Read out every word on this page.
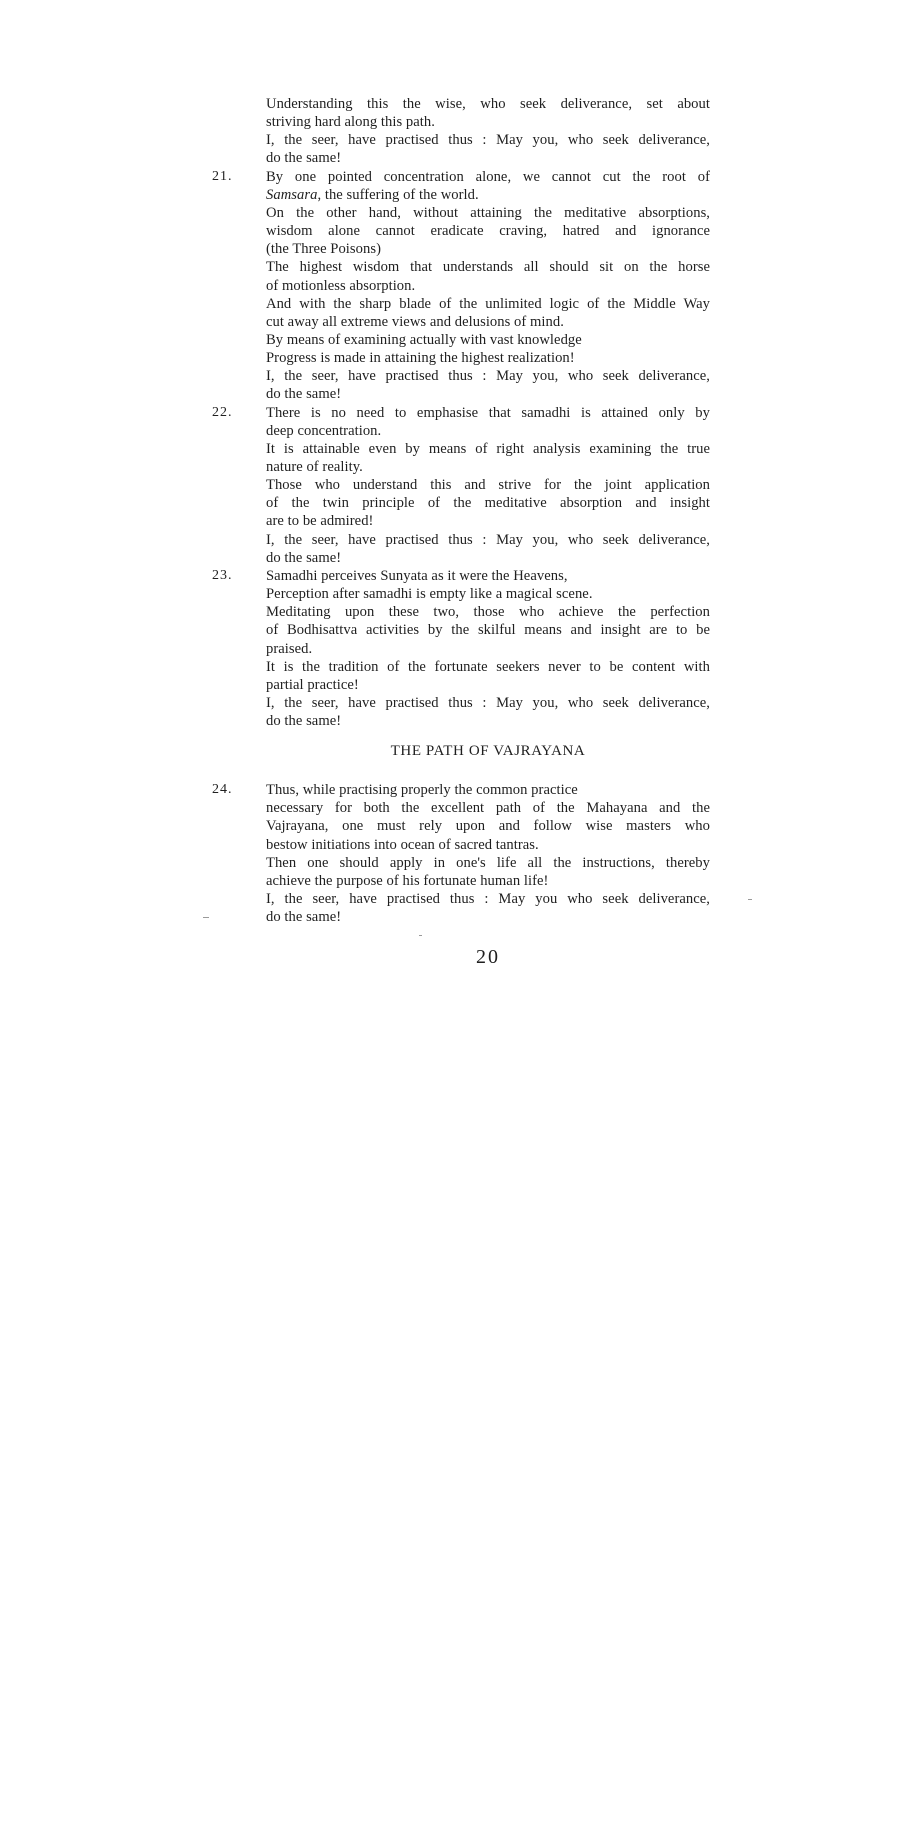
Understanding this the wise, who seek deliverance, set about
striving hard along this path.
I, the seer, have practised thus : May you, who seek deliverance,
do the same!
By one pointed concentration alone, we cannot cut the root of
Samsara, the suffering of the world.
On the other hand, without attaining the meditative absorptions,
wisdom alone cannot eradicate craving, hatred and ignorance
(the Three Poisons)
The highest wisdom that understands all should sit on the horse
of motionless absorption.
And with the sharp blade of the unlimited logic of the Middle Way
cut away all extreme views and delusions of mind.
By means of examining actually with vast knowledge
Progress is made in attaining the highest realization!
I, the seer, have practised thus : May you, who seek deliverance,
do the same!
There is no need to emphasise that samadhi is attained only by
deep concentration.
It is attainable even by means of right analysis examining the true
nature of reality.
Those who understand this and strive for the joint application
of the twin principle of the meditative absorption and insight
are to be admired!
I, the seer, have practised thus : May you, who seek deliverance,
do the same!
Samadhi perceives Sunyata as it were the Heavens,
Perception after samadhi is empty like a magical scene.
Meditating upon these two, those who achieve the perfection
of Bodhisattva activities by the skilful means and insight are to be
praised.
It is the tradition of the fortunate seekers never to be content with
partial practice!
I, the seer, have practised thus : May you, who seek deliverance,
do the same!
21.
22.
23.
THE PATH OF VAJRAYANA
24. Thus, while practising properly the common practice
necessary for both the excellent path of the Mahayana and the
Vajrayana, one must rely upon and follow wise masters who
bestow initiations into ocean of sacred tantras.
Then one should apply in one's life all the instructions, thereby
achieve the purpose of his fortunate human life!
I, the seer, have practised thus : May you who seek deliverance,
do the same!
20
